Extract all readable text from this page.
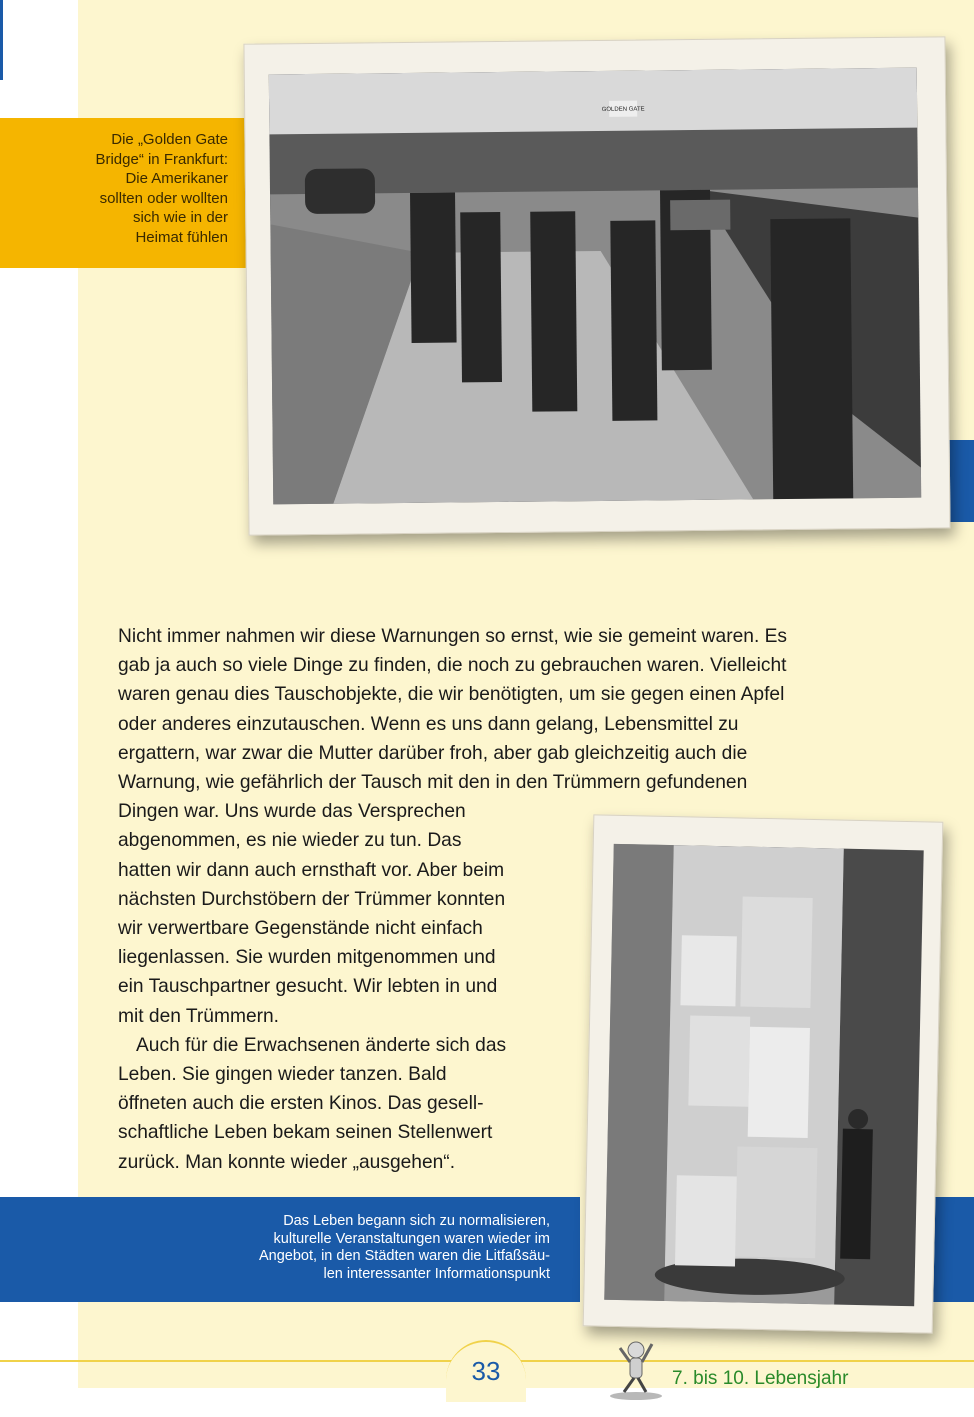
Die „Golden Gate
Bridge“ in Frankfurt:
Die Amerikaner
sollten oder wollten
sich wie in der
Heimat fühlen
GOLDEN GATE
Das Leben begann sich zu normalisieren,
kulturelle Veranstaltungen waren wieder im
Angebot, in den Städten waren die Litfaßsäu-
len interessanter Informationspunkt

Nicht immer nahmen wir diese Warnungen so ernst, wie sie gemeint waren. Es
gab ja auch so viele Dinge zu finden, die noch zu gebrauchen waren. Vielleicht
waren genau dies Tauschobjekte, die wir benötigten, um sie gegen einen Apfel
oder anderes einzutauschen. Wenn es uns dann gelang, Lebensmittel zu
ergattern, war zwar die Mutter darüber froh, aber gab gleichzeitig auch die
Warnung, wie gefährlich der Tausch mit den in den Trümmern gefundenen
Dingen war. Uns wurde das Versprechen
abgenommen, es nie wieder zu tun. Das
hatten wir dann auch ernsthaft vor. Aber beim
nächsten Durchstöbern der Trümmer konnten
wir verwertbare Gegenstände nicht einfach
liegenlassen. Sie wurden mitgenommen und
ein Tauschpartner gesucht. Wir lebten in und
mit den Trümmern.

Auch für die Erwachsenen änderte sich das
Leben. Sie gingen wieder tanzen. Bald
öffneten auch die ersten Kinos. Das gesell-
schaftliche Leben bekam seinen Stellenwert
zurück. Man konnte wieder „ausgehen“.

33	7. bis 10. Lebensjahr
